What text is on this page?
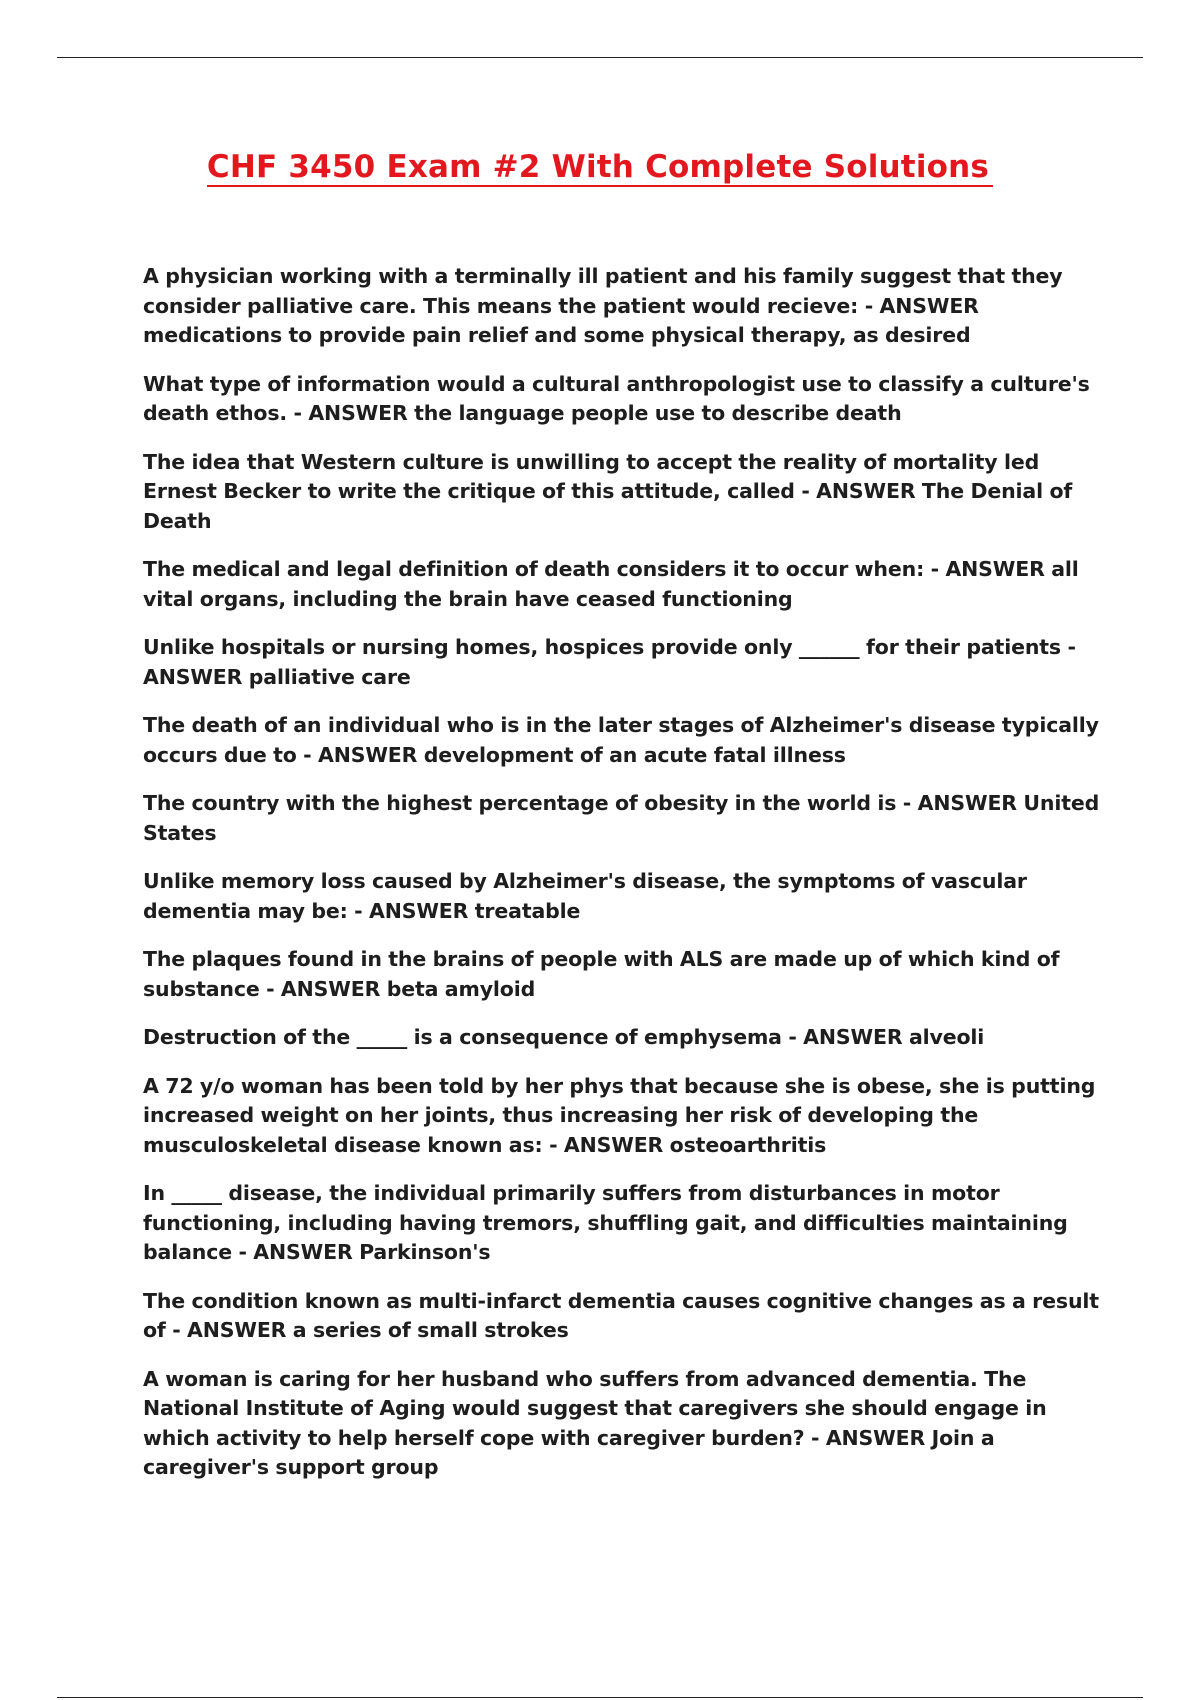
CHF 3450 Exam #2 With Complete Solutions
A physician working with a terminally ill patient and his family suggest that they consider palliative care. This means the patient would recieve: - ANSWER medications to provide pain relief and some physical therapy, as desired
What type of information would a cultural anthropologist use to classify a culture's death ethos. - ANSWER the language people use to describe death
The idea that Western culture is unwilling to accept the reality of mortality led Ernest Becker to write the critique of this attitude, called - ANSWER The Denial of Death
The medical and legal definition of death considers it to occur when: - ANSWER all vital organs, including the brain have ceased functioning
Unlike hospitals or nursing homes, hospices provide only ______ for their patients - ANSWER palliative care
The death of an individual who is in the later stages of Alzheimer's disease typically occurs due to - ANSWER development of an acute fatal illness
The country with the highest percentage of obesity in the world is - ANSWER United States
Unlike memory loss caused by Alzheimer's disease, the symptoms of vascular dementia may be: - ANSWER treatable
The plaques found in the brains of people with ALS are made up of which kind of substance - ANSWER beta amyloid
Destruction of the _____ is a consequence of emphysema - ANSWER alveoli
A 72 y/o woman has been told by her phys that because she is obese, she is putting increased weight on her joints, thus increasing her risk of developing the musculoskeletal disease known as: - ANSWER osteoarthritis
In _____ disease, the individual primarily suffers from disturbances in motor functioning, including having tremors, shuffling gait, and difficulties maintaining balance - ANSWER Parkinson's
The condition known as multi-infarct dementia causes cognitive changes as a result of - ANSWER a series of small strokes
A woman is caring for her husband who suffers from advanced dementia. The National Institute of Aging would suggest that caregivers she should engage in which activity to help herself cope with caregiver burden? - ANSWER Join a caregiver's support group
